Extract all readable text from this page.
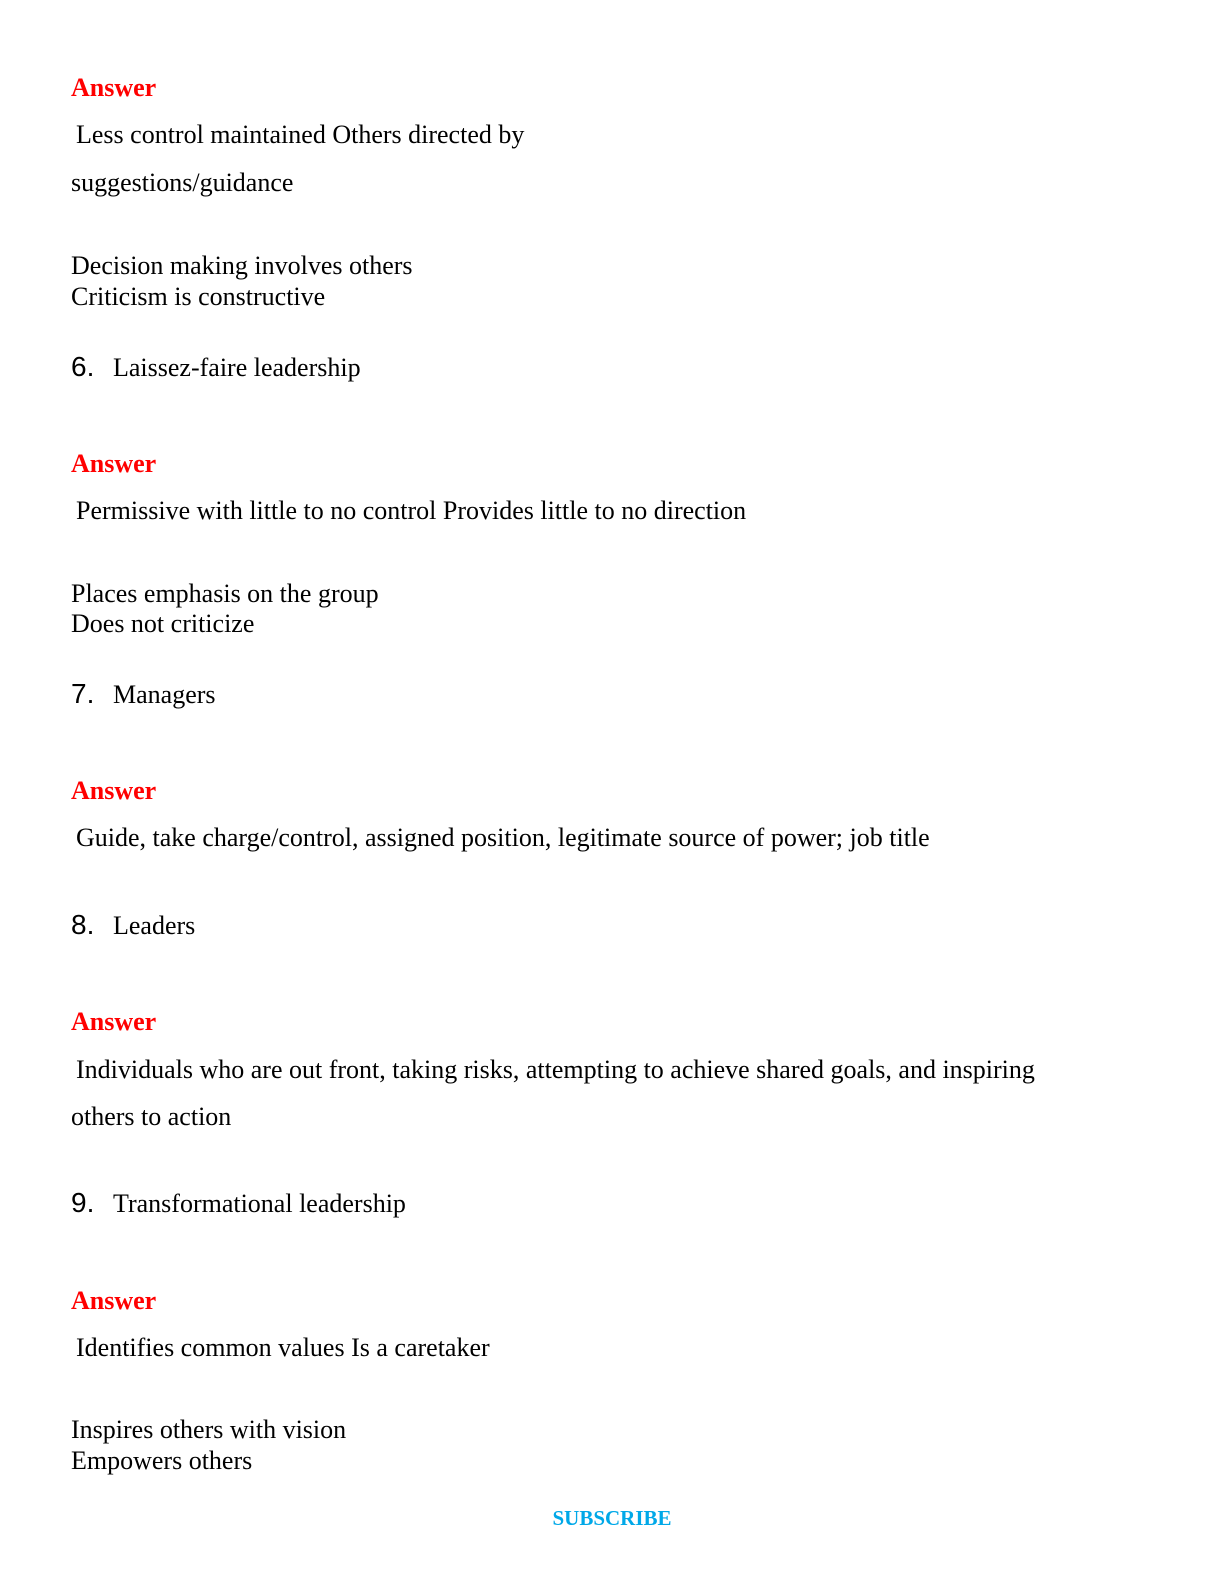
Answer
Less control maintained Others directed by
suggestions/guidance
Decision making involves others
Criticism is constructive
6. Laissez-faire leadership
Answer
Permissive with little to no control Provides little to no direction
Places emphasis on the group
Does not criticize
7. Managers
Answer
Guide, take charge/control, assigned position, legitimate source of power; job title
8. Leaders
Answer
Individuals who are out front, taking risks, attempting to achieve shared goals, and inspiring
others to action
9. Transformational leadership
Answer
Identifies common values Is a caretaker
Inspires others with vision
Empowers others
SUBSCRIBE
